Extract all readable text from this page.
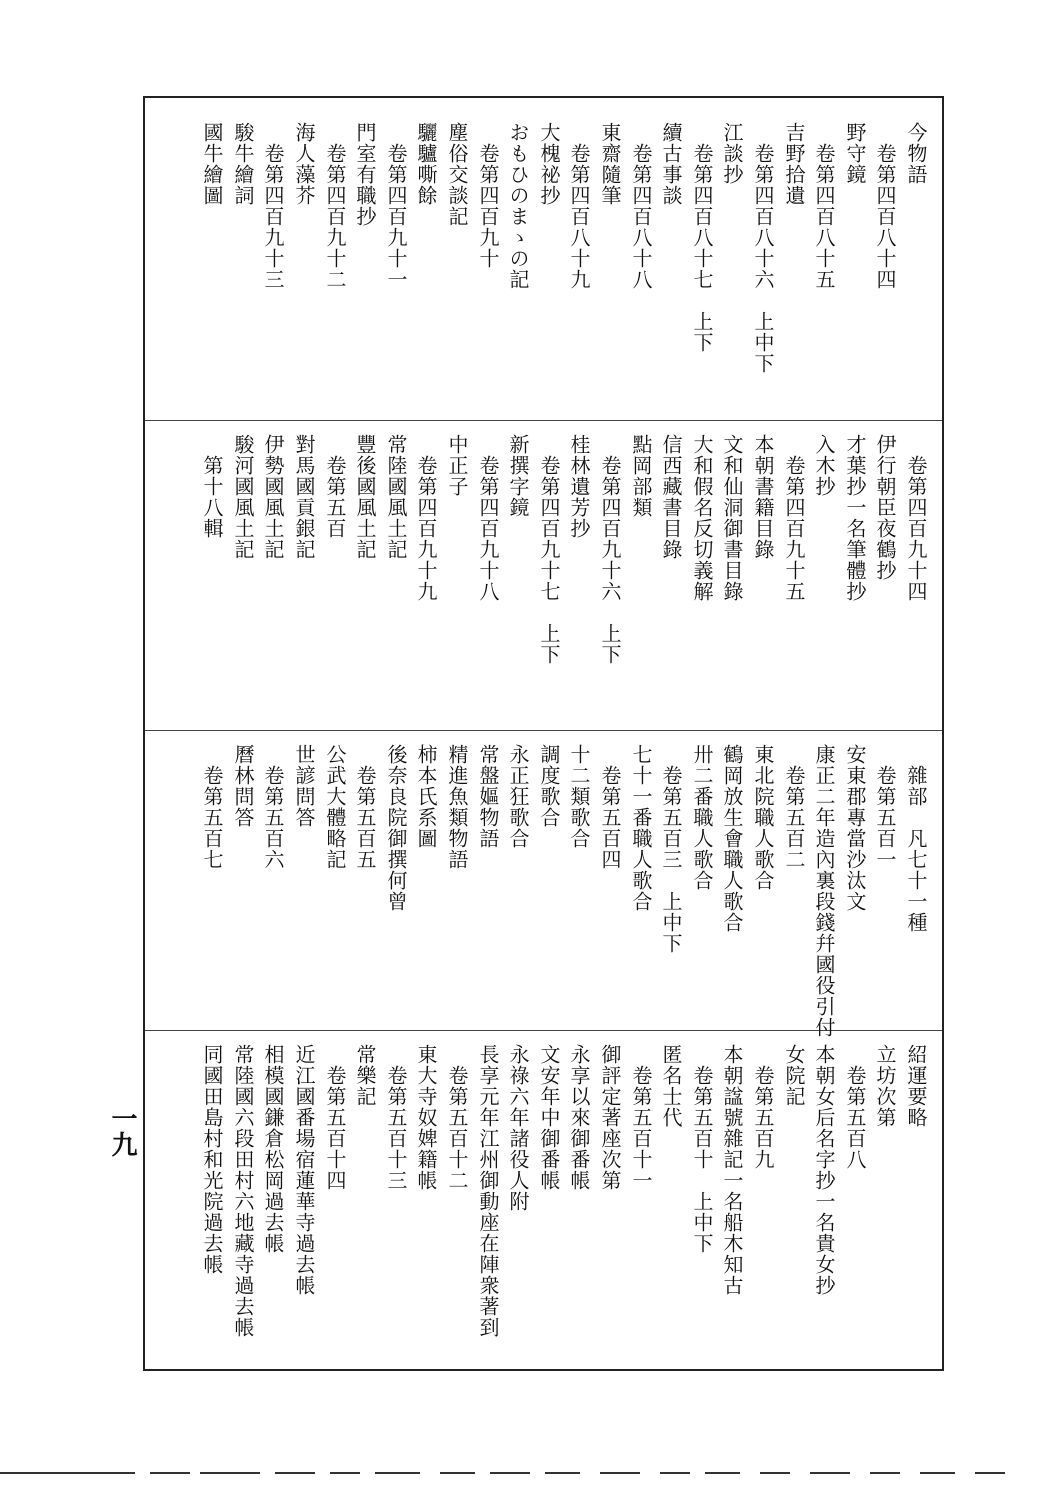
今物語
　卷第四百八十四
野守鏡
　卷第四百八十五
吉野拾遺
　卷第四百八十六　上中下
江談抄
　卷第四百八十七　上下
續古事談
　卷第四百八十八
東齋隨筆
　卷第四百八十九
大槐祕抄
おもひのまゝの記
　卷第四百九十
塵俗交談記
驪驢嘶餘
　卷第四百九十一
門室有職抄
　卷第四百九十二
海人藻芥
　卷第四百九十三
駿牛繪詞
國牛繪圖
　卷第四百九十四
伊行朝臣夜鶴抄
才葉抄一名筆體抄
入木抄
　卷第四百九十五
本朝書籍目錄
文和仙洞御書目錄
大和假名反切義解
信西藏書目錄
點岡部類
　卷第四百九十六　上下
桂林遺芳抄
　卷第四百九十七　上下
新撰字鏡
　卷第四百九十八
中正子
　卷第四百九十九
常陸國風土記
豐後國風土記
　卷第五百
對馬國貢銀記
伊勢國風土記
駿河國風土記
　第十八輯
　雜部　凡七十一種
　卷第五百一
安東郡專當沙汰文
康正二年造內裏段錢幷國役引付
　卷第五百二
東北院職人歌合
鶴岡放生會職人歌合
卅二番職人歌合
　卷第五百三　上中下
七十一番職人歌合
　卷第五百四
十二類歌合
調度歌合
永正狂歌合
常盤嫗物語
精進魚類物語
柿本氏系圖
後奈良院御撰何曾
　卷第五百五
公武大體略記
世諺問答
　卷第五百六
曆林問答
　卷第五百七
紹運要略
立坊次第
　卷第五百八
本朝女后名字抄一名貴女抄
女院記
　卷第五百九
本朝諡號雜記一名船木知古
　卷第五百十　上中下
匿名士代
　卷第五百十一
御評定著座次第
永享以來御番帳
文安年中御番帳
永祿六年諸役人附
長享元年江州御動座在陣衆著到
　卷第五百十二
東大寺奴婢籍帳
　卷第五百十三
常樂記
　卷第五百十四
近江國番場宿蓮華寺過去帳
相模國鎌倉松岡過去帳
常陸國六段田村六地藏寺過去帳
同國田島村和光院過去帳
一九
